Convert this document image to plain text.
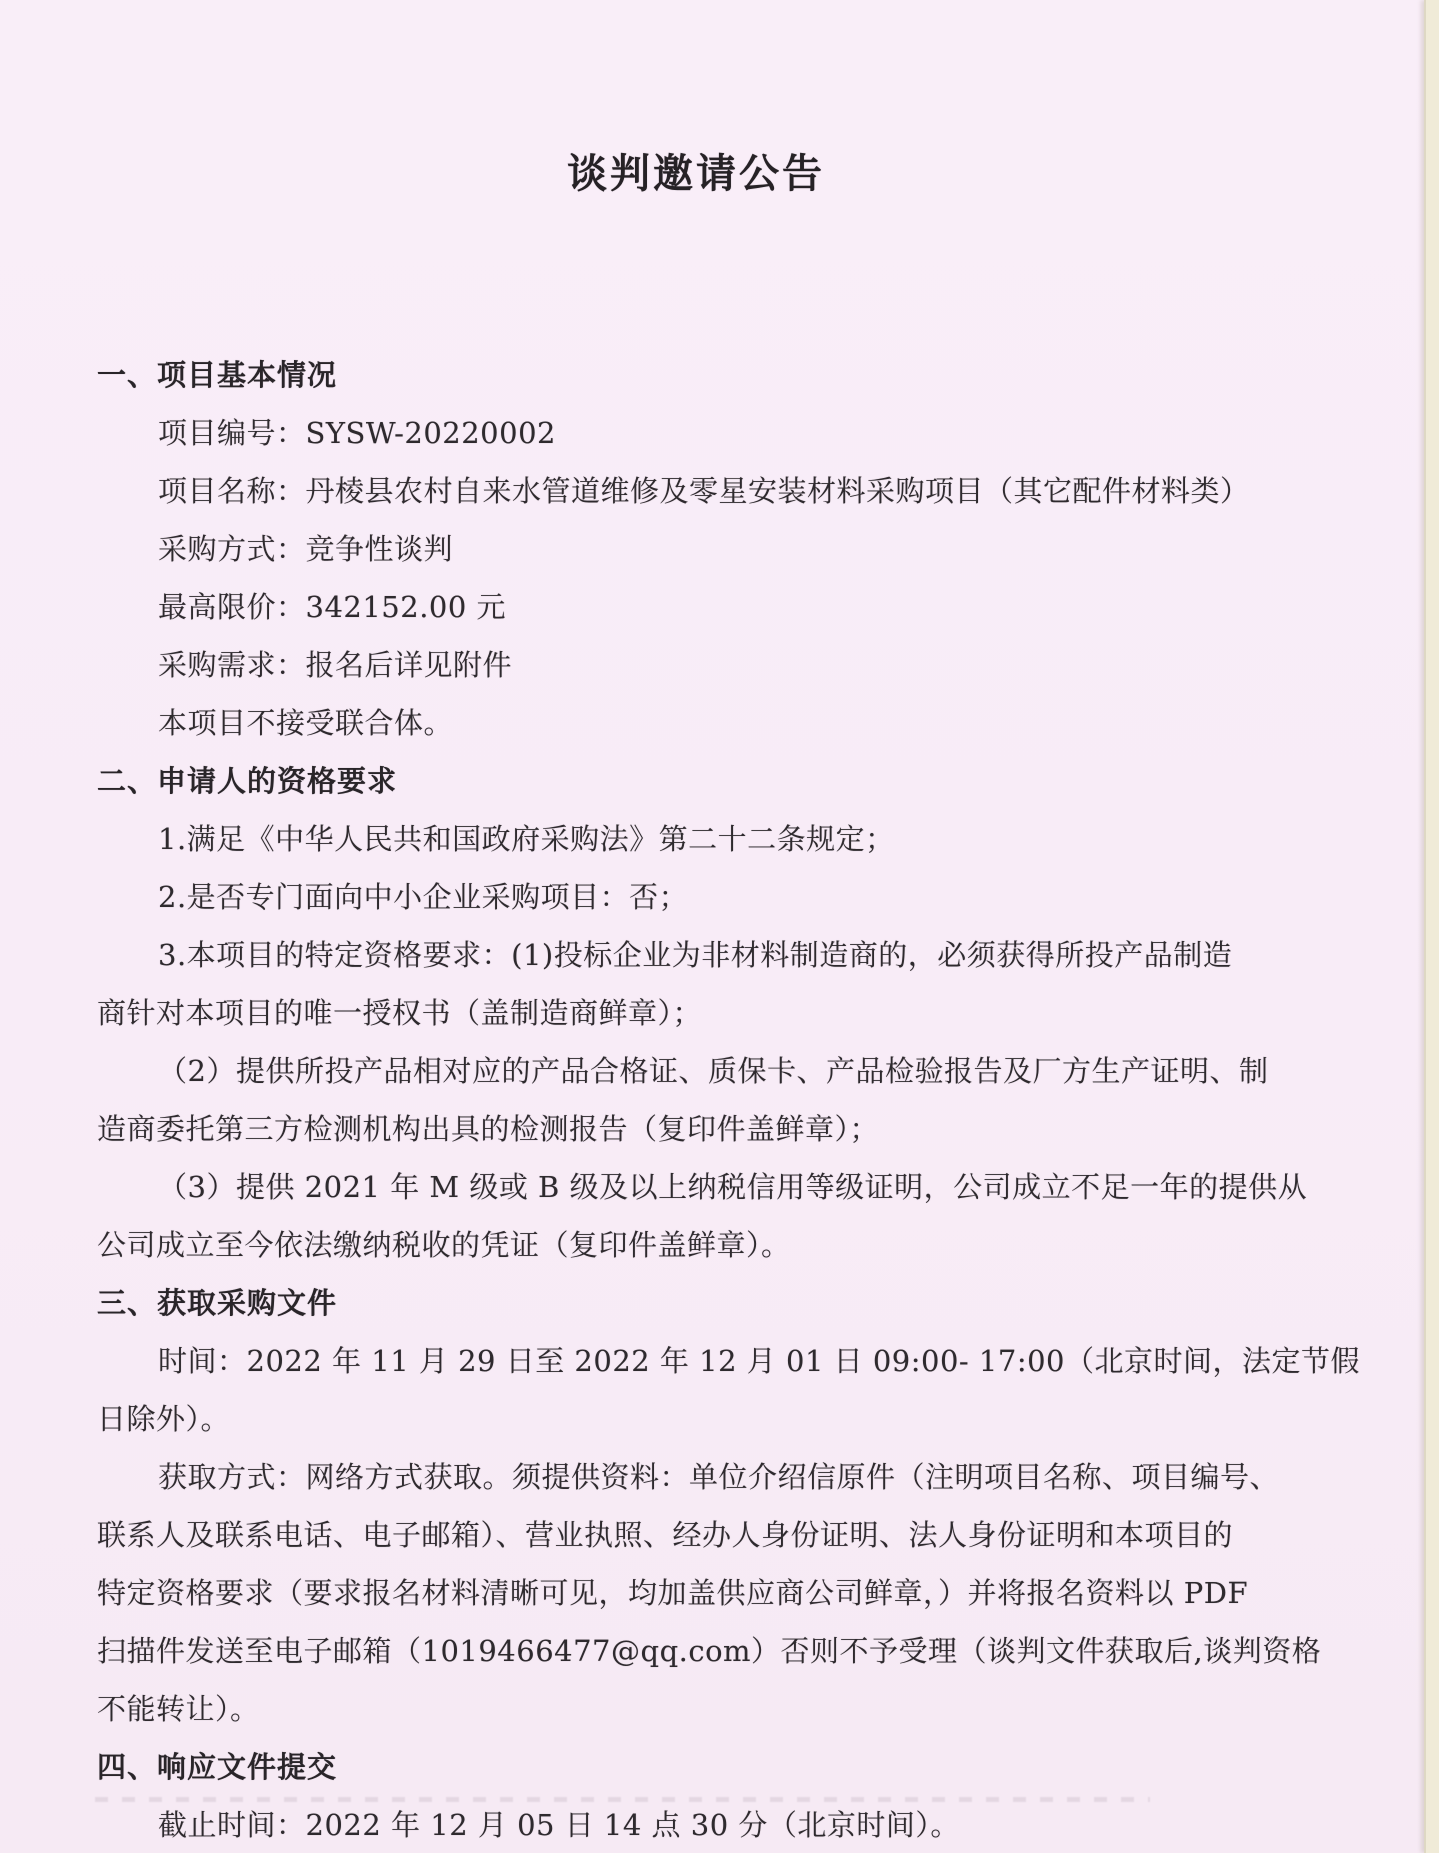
谈判邀请公告
一、项目基本情况
项目编号：SYSW-20220002
项目名称：丹棱县农村自来水管道维修及零星安装材料采购项目（其它配件材料类）
采购方式：竞争性谈判
最高限价：342152.00 元
采购需求：报名后详见附件
本项目不接受联合体。
二、申请人的资格要求
1.满足《中华人民共和国政府采购法》第二十二条规定；
2.是否专门面向中小企业采购项目：否；
3.本项目的特定资格要求：(1)投标企业为非材料制造商的，必须获得所投产品制造
商针对本项目的唯一授权书（盖制造商鲜章）；
（2）提供所投产品相对应的产品合格证、质保卡、产品检验报告及厂方生产证明、制
造商委托第三方检测机构出具的检测报告（复印件盖鲜章）；
（3）提供 2021 年 M 级或 B 级及以上纳税信用等级证明，公司成立不足一年的提供从
公司成立至今依法缴纳税收的凭证（复印件盖鲜章）。
三、获取采购文件
时间：2022 年 11 月 29 日至 2022 年 12 月 01 日 09:00- 17:00（北京时间，法定节假
日除外）。
获取方式：网络方式获取。须提供资料：单位介绍信原件（注明项目名称、项目编号、
联系人及联系电话、电子邮箱）、营业执照、经办人身份证明、法人身份证明和本项目的
特定资格要求（要求报名材料清晰可见，均加盖供应商公司鲜章，）并将报名资料以 PDF
扫描件发送至电子邮箱（1019466477@qq.com）否则不予受理（谈判文件获取后,谈判资格
不能转让）。
四、响应文件提交
截止时间：2022 年 12 月 05 日 14 点 30 分（北京时间）。
